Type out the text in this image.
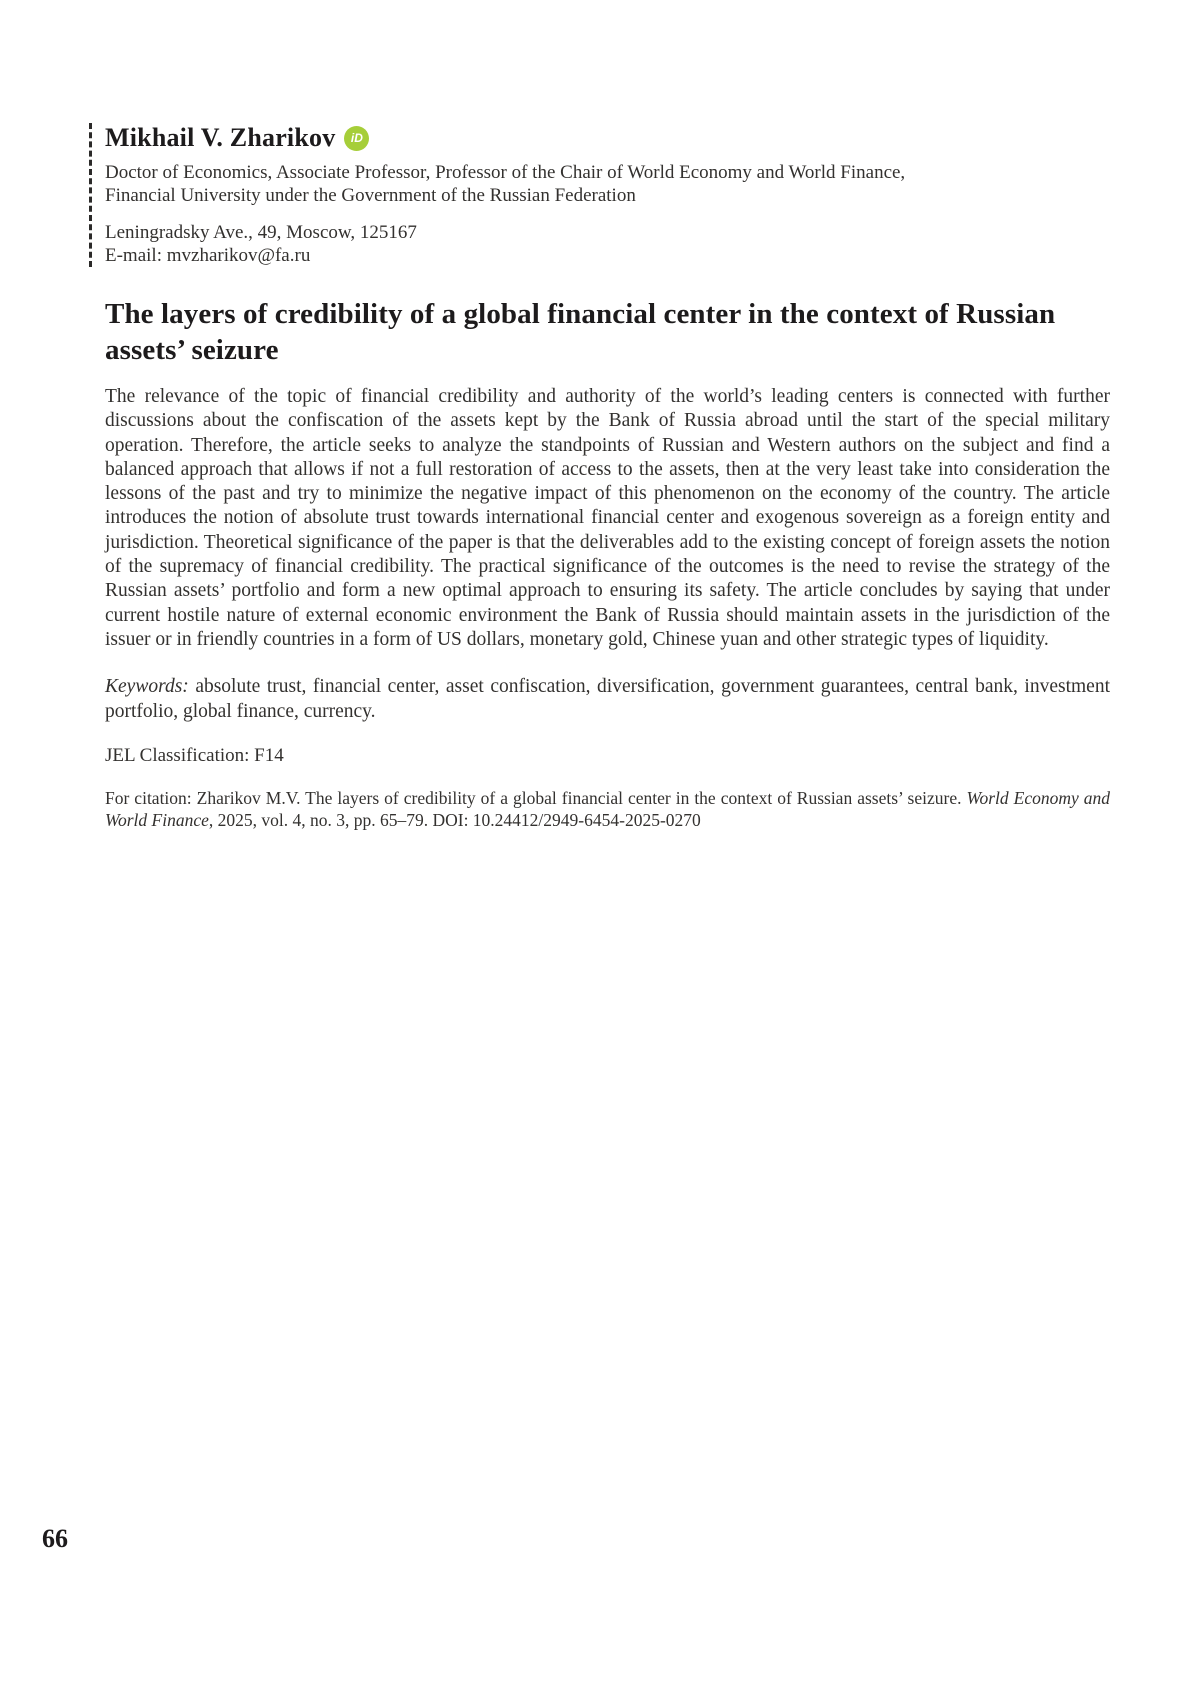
Mikhail V. Zharikov	iD

Doctor of Economics, Associate Professor, Professor of the Chair of World Economy and World Finance,
Financial University under the Government of the Russian Federation

Leningradsky Ave., 49, Moscow, 125167

E-mail: mvzharikov@fa.ru

The layers of credibility of a global financial center in the context of Russian assets’ seizure

The relevance of the topic of financial credibility and authority of the world’s leading centers is connected with further discussions about the confiscation of the assets kept by the Bank of Russia abroad until the start of the special military operation. Therefore, the article seeks to analyze the standpoints of Russian and Western authors on the subject and find a balanced approach that allows if not a full restoration of access to the assets, then at the very least take into consideration the lessons of the past and try to minimize the negative impact of this phenomenon on the economy of the country. The article introduces the notion of absolute trust towards international financial center and exogenous sovereign as a foreign entity and jurisdiction. Theoretical significance of the paper is that the deliverables add to the existing concept of foreign assets the notion of the supremacy of financial credibility. The practical significance of the outcomes is the need to revise the strategy of the Russian assets’ portfolio and form a new optimal approach to ensuring its safety. The article concludes by saying that under current hostile nature of external economic environment the Bank of Russia should maintain assets in the jurisdiction of the issuer or in friendly countries in a form of US dollars, monetary gold, Chinese yuan and other strategic types of liquidity.

Keywords: absolute trust, financial center, asset confiscation, diversification, government guarantees, central bank, investment portfolio, global finance, currency.

JEL Classification: F14

For citation: Zharikov M.V. The layers of credibility of a global financial center in the context of Russian assets’ seizure. World Economy and World Finance, 2025, vol. 4, no. 3, pp. 65–79. DOI: 10.24412/2949-6454-2025-0270

66
